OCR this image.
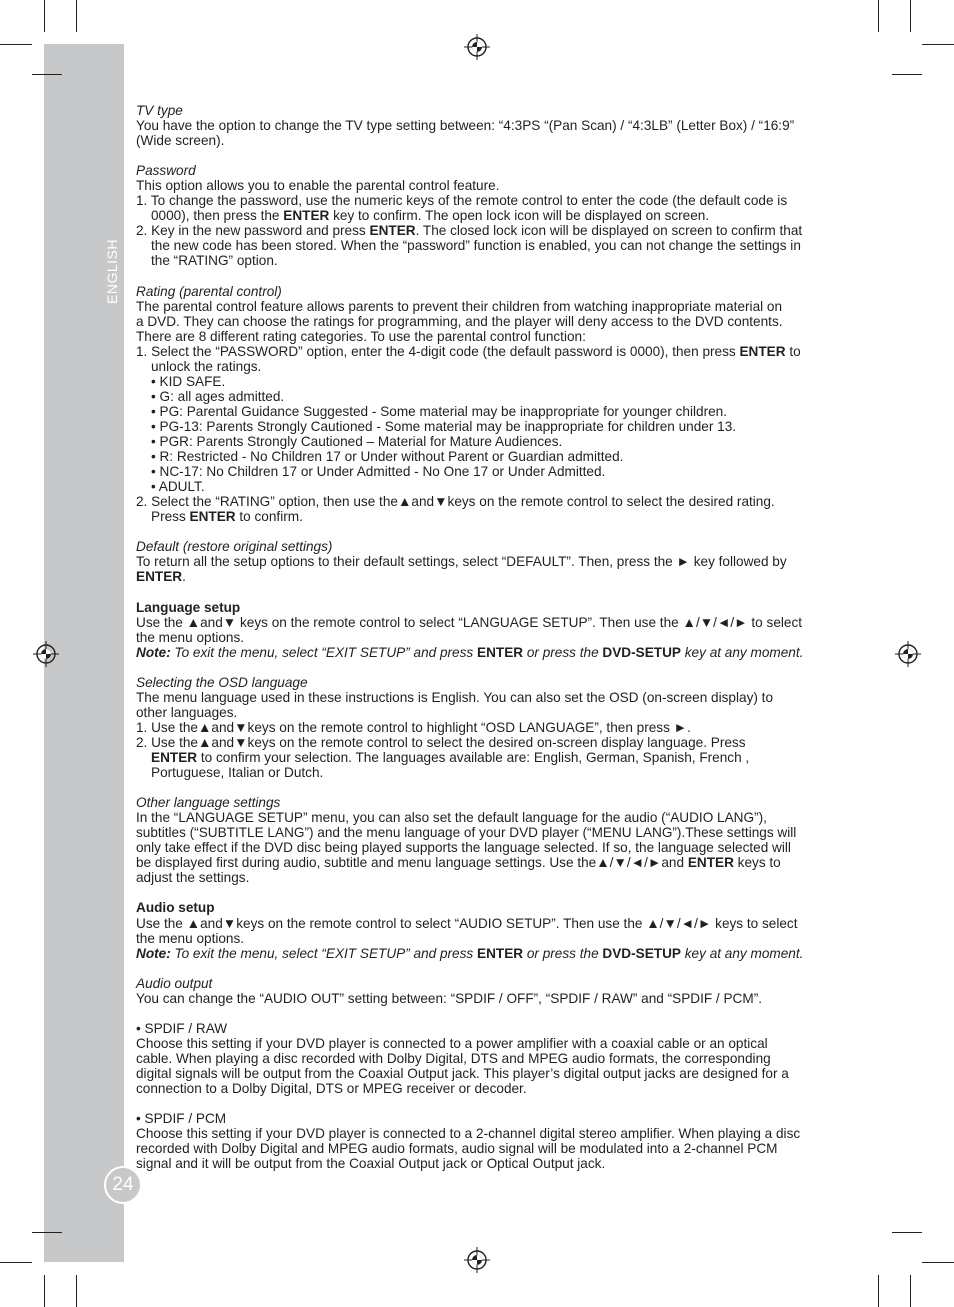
ENGLISH
24
TV type
You have the option to change the TV type setting between: “4:3PS “(Pan Scan) / “4:3LB” (Letter Box) / “16:9”
(Wide screen).
Password
This option allows you to enable the parental control feature.
1. To change the password, use the numeric keys of the remote control to enter the code (the default code is
0000), then press the ENTER key to confirm. The open lock icon will be displayed on screen.
2. Key in the new password and press ENTER. The closed lock icon will be displayed on screen to confirm that
the new code has been stored. When the “password” function is enabled, you can not change the settings in
the “RATING” option.
Rating (parental control)
The parental control feature allows parents to prevent their children from watching inappropriate material on
a DVD. They can choose the ratings for programming, and the player will deny access to the DVD contents.
There are 8 different rating categories. To use the parental control function:
1. Select the “PASSWORD” option, enter the 4-digit code (the default password is 0000), then press ENTER to
unlock the ratings.
• KID SAFE.
• G: all ages admitted.
• PG: Parental Guidance Suggested - Some material may be inappropriate for younger children.
• PG-13: Parents Strongly Cautioned - Some material may be inappropriate for children under 13.
• PGR: Parents Strongly Cautioned – Material for Mature Audiences.
• R: Restricted - No Children 17 or Under without Parent or Guardian admitted.
• NC-17: No Children 17 or Under Admitted - No One 17 or Under Admitted.
• ADULT.
2. Select the “RATING” option, then use the▲and▼keys on the remote control to select the desired rating.
Press ENTER to confirm.
Default (restore original settings)
To return all the setup options to their default settings, select “DEFAULT”. Then, press the ► key followed by
ENTER.
Language setup
Use the ▲and▼ keys on the remote control to select “LANGUAGE SETUP”. Then use the ▲/▼/◄/► to select
the menu options.
Note: To exit the menu, select “EXIT SETUP” and press ENTER or press the DVD-SETUP key at any moment.
Selecting the OSD language
The menu language used in these instructions is English. You can also set the OSD (on-screen display) to
other languages.
1. Use the▲and▼keys on the remote control to highlight “OSD LANGUAGE”, then press ►.
2. Use the▲and▼keys on the remote control to select the desired on-screen display language. Press
ENTER to confirm your selection. The languages available are: English, German, Spanish, French ,
Portuguese, Italian or Dutch.
Other language settings
In the “LANGUAGE SETUP” menu, you can also set the default language for the audio (“AUDIO LANG”),
subtitles (“SUBTITLE LANG”) and the menu language of your DVD player (“MENU LANG”).These settings will
only take effect if the DVD disc being played supports the language selected. If so, the language selected will
be displayed first during audio, subtitle and menu language settings. Use the▲/▼/◄/►and ENTER keys to
adjust the settings.
Audio setup
Use the ▲and▼keys on the remote control to select “AUDIO SETUP”. Then use the ▲/▼/◄/► keys to select
the menu options.
Note: To exit the menu, select “EXIT SETUP” and press ENTER or press the DVD-SETUP key at any moment.
Audio output
You can change the “AUDIO OUT” setting between: “SPDIF / OFF”, “SPDIF / RAW” and “SPDIF / PCM”.
• SPDIF / RAW
Choose this setting if your DVD player is connected to a power amplifier with a coaxial cable or an optical
cable. When playing a disc recorded with Dolby Digital, DTS and MPEG audio formats, the corresponding
digital signals will be output from the Coaxial Output jack. This player’s digital output jacks are designed for a
connection to a Dolby Digital, DTS or MPEG receiver or decoder.
• SPDIF / PCM
Choose this setting if your DVD player is connected to a 2-channel digital stereo amplifier. When playing a disc
recorded with Dolby Digital and MPEG audio formats, audio signal will be modulated into a 2-channel PCM
signal and it will be output from the Coaxial Output jack or Optical Output jack.
